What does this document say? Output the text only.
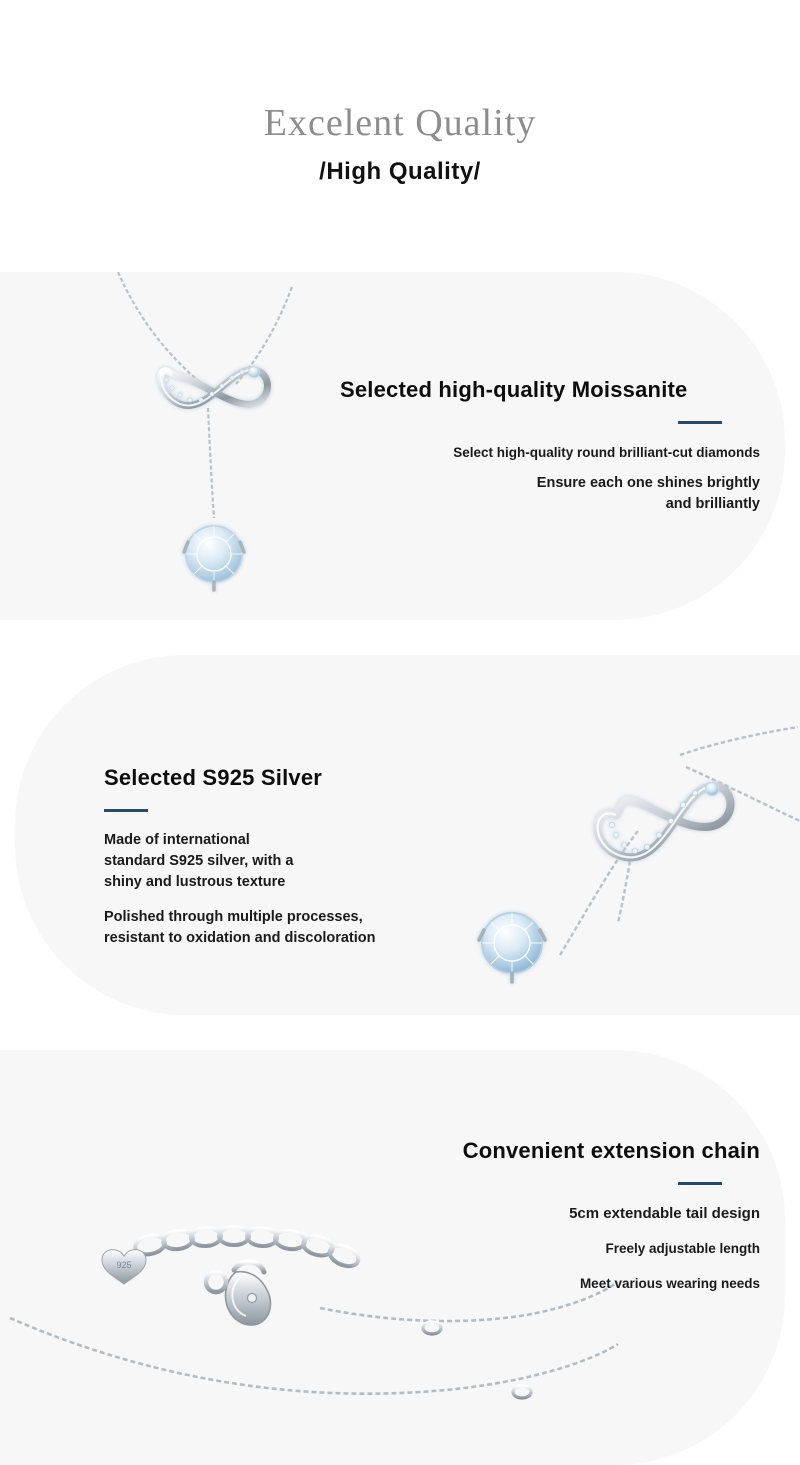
Excelent Quality
/High Quality/
Selected high-quality Moissanite
Select high-quality round brilliant-cut diamonds
Ensure each one shines brightly
and brilliantly
Selected S925 Silver
Made of international
standard S925 silver, with a
shiny and lustrous texture
Polished through multiple processes,
resistant to oxidation and discoloration
925
Convenient extension chain
5cm extendable tail design
Freely adjustable length
Meet various wearing needs
